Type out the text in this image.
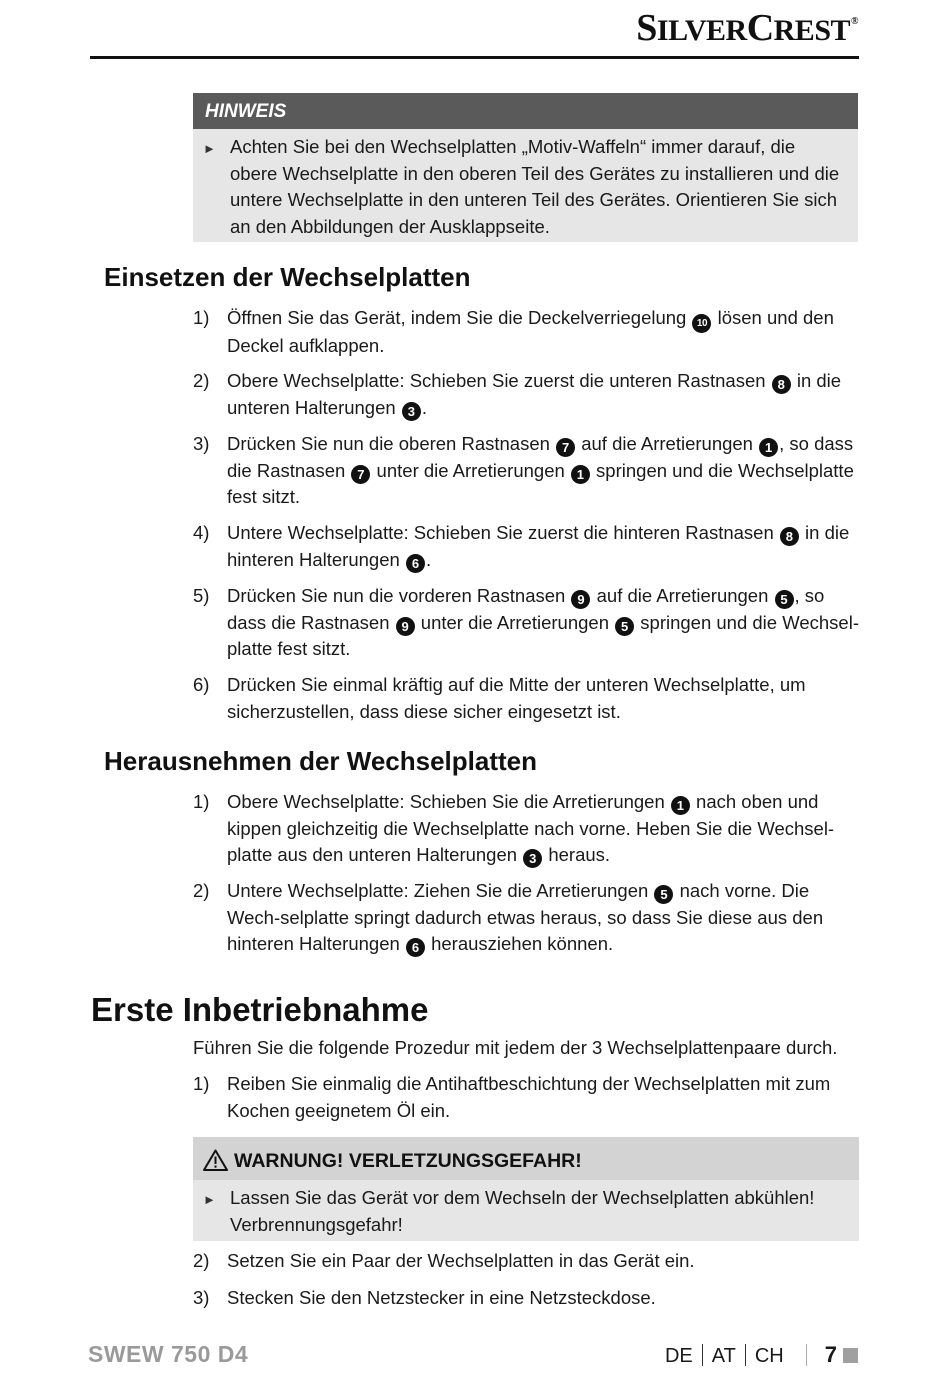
SILVERCREST®
HINWEIS
► Achten Sie bei den Wechselplatten „Motiv-Waffeln“ immer darauf, die obere Wechselplatte in den oberen Teil des Gerätes zu installieren und die untere Wechselplatte in den unteren Teil des Gerätes. Orientieren Sie sich an den Abbildungen der Ausklappseite.
Einsetzen der Wechselplatten
1) Öffnen Sie das Gerät, indem Sie die Deckelverriegelung 10 lösen und den Deckel aufklappen.
2) Obere Wechselplatte: Schieben Sie zuerst die unteren Rastnasen 8 in die unteren Halterungen 3 .
3) Drücken Sie nun die oberen Rastnasen 7 auf die Arretierungen 1 , so dass die Rastnasen 7 unter die Arretierungen 1 springen und die Wechselplatte fest sitzt.
4) Untere Wechselplatte: Schieben Sie zuerst die hinteren Rastnasen 8 in die hinteren Halterungen 6 .
5) Drücken Sie nun die vorderen Rastnasen 9 auf die Arretierungen 5 , so dass die Rastnasen 9 unter die Arretierungen 5 springen und die Wechsel-platte fest sitzt.
6) Drücken Sie einmal kräftig auf die Mitte der unteren Wechselplatte, um sicherzustellen, dass diese sicher eingesetzt ist.
Herausnehmen der Wechselplatten
1) Obere Wechselplatte: Schieben Sie die Arretierungen 1 nach oben und kippen gleichzeitig die Wechselplatte nach vorne. Heben Sie die Wechsel-platte aus den unteren Halterungen 3 heraus.
2) Untere Wechselplatte: Ziehen Sie die Arretierungen 5 nach vorne. Die Wech-selplatte springt dadurch etwas heraus, so dass Sie diese aus den hinteren Halterungen 6 herausziehen können.
Erste Inbetriebnahme
Führen Sie die folgende Prozedur mit jedem der 3 Wechselplattenpaare durch.
1) Reiben Sie einmalig die Antihaftbeschichtung der Wechselplatten mit zum Kochen geeignetem Öl ein.
WARNUNG! VERLETZUNGSGEFAHR!
► Lassen Sie das Gerät vor dem Wechseln der Wechselplatten abkühlen! Verbrennungsgefahr!
2) Setzen Sie ein Paar der Wechselplatten in das Gerät ein.
3) Stecken Sie den Netzstecker in eine Netzsteckdose.
SWEW 750 D4	DE AT CH 7
